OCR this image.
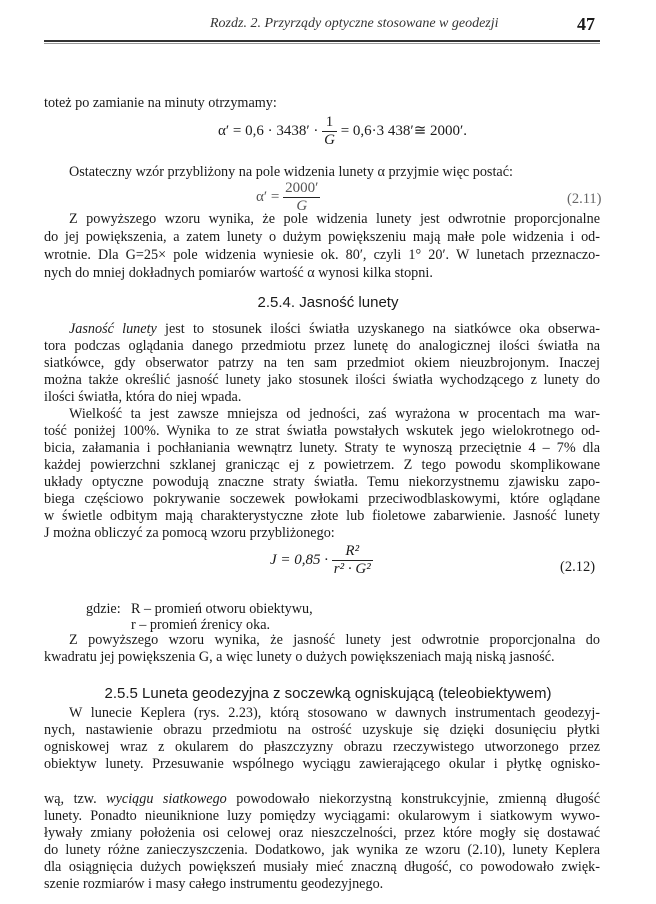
Rozdz. 2. Przyrządy optyczne stosowane w geodezji	47
toteż po zamianie na minuty otrzymamy:
$\alpha' = 0,6 \cdot 3438' \cdot \frac{1}{G} = 0,6\cdot 3$ 438′≅ 2000′.
Ostateczny wzór przybliżony na pole widzenia lunety α przyjmie więc postać:
$\alpha' = \frac{2000'}{G}$	(2.11)
Z powyższego wzoru wynika, że pole widzenia lunety jest odwrotnie proporcjonalne
do jej powiększenia, a zatem lunety o dużym powiększeniu mają małe pole widzenia i od-
wrotnie. Dla G=25× pole widzenia wyniesie ok. 80′, czyli 1° 20′. W lunetach przeznaczo-
nych do mniej dokładnych pomiarów wartość α wynosi kilka stopni.
2.5.4. Jasność lunety
Jasność lunety jest to stosunek ilości światła uzyskanego na siatkówce oka obserwa-
tora podczas oglądania danego przedmiotu przez lunetę do analogicznej ilości światła na
siatkówce, gdy obserwator patrzy na ten sam przedmiot okiem nieuzbrojonym. Inaczej
można także określić jasność lunety jako stosunek ilości światła wychodzącego z lunety do
ilości światła, która do niej wpada.
Wielkość ta jest zawsze mniejsza od jedności, zaś wyrażona w procentach ma war-
tość poniżej 100%. Wynika to ze strat światła powstałych wskutek jego wielokrotnego od-
bicia, załamania i pochłaniania wewnątrz lunety. Straty te wynoszą przeciętnie 4 – 7% dla
każdej powierzchni szklanej granicząc ej z powietrzem. Z tego powodu skomplikowane
układy optyczne powodują znaczne straty światła. Temu niekorzystnemu zjawisku zapo-
biega częściowo pokrywanie soczewek powłokami przeciwodblaskowymi, które oglądane
w świetle odbitym mają charakterystyczne złote lub fioletowe zabarwienie. Jasność lunety
J można obliczyć za pomocą wzoru przybliżonego:
$J = 0,85 \cdot \frac{\text{R²}}{\text{r² · G²}}$	(2.12)
gdzie: R – promień otworu obiektywu,
r – promień źrenicy oka.
Z powyższego wzoru wynika, że jasność lunety jest odwrotnie proporcjonalna do
kwadratu jej powiększenia G, a więc lunety o dużych powiększeniach mają niską jasność.
2.5.5 Luneta geodezyjna z soczewką ogniskującą (teleobiektywem)
W lunecie Keplera (rys. 2.23), którą stosowano w dawnych instrumentach geodezyj-
nych, nastawienie obrazu przedmiotu na ostrość uzyskuje się dzięki dosunięciu płytki
ogniskowej wraz z okularem do płaszczyzny obrazu rzeczywistego utworzonego przez
obiektyw lunety. Przesuwanie wspólnego wyciągu zawierającego okular i płytkę ognisko-
wą, tzw. wyciągu siatkowego powodowało niekorzystną konstrukcyjnie, zmienną długość
lunety. Ponadto nieuniknione luzy pomiędzy wyciągami: okularowym i siatkowym wywo-
ływały zmiany położenia osi celowej oraz nieszczelności, przez które mogły się dostawać
do lunety różne zanieczyszczenia. Dodatkowo, jak wynika ze wzoru (2.10), lunety Keplera
dla osiągnięcia dużych powiększeń musiały mieć znaczną długość, co powodowało zwięk-
szenie rozmiarów i masy całego instrumentu geodezyjnego.
